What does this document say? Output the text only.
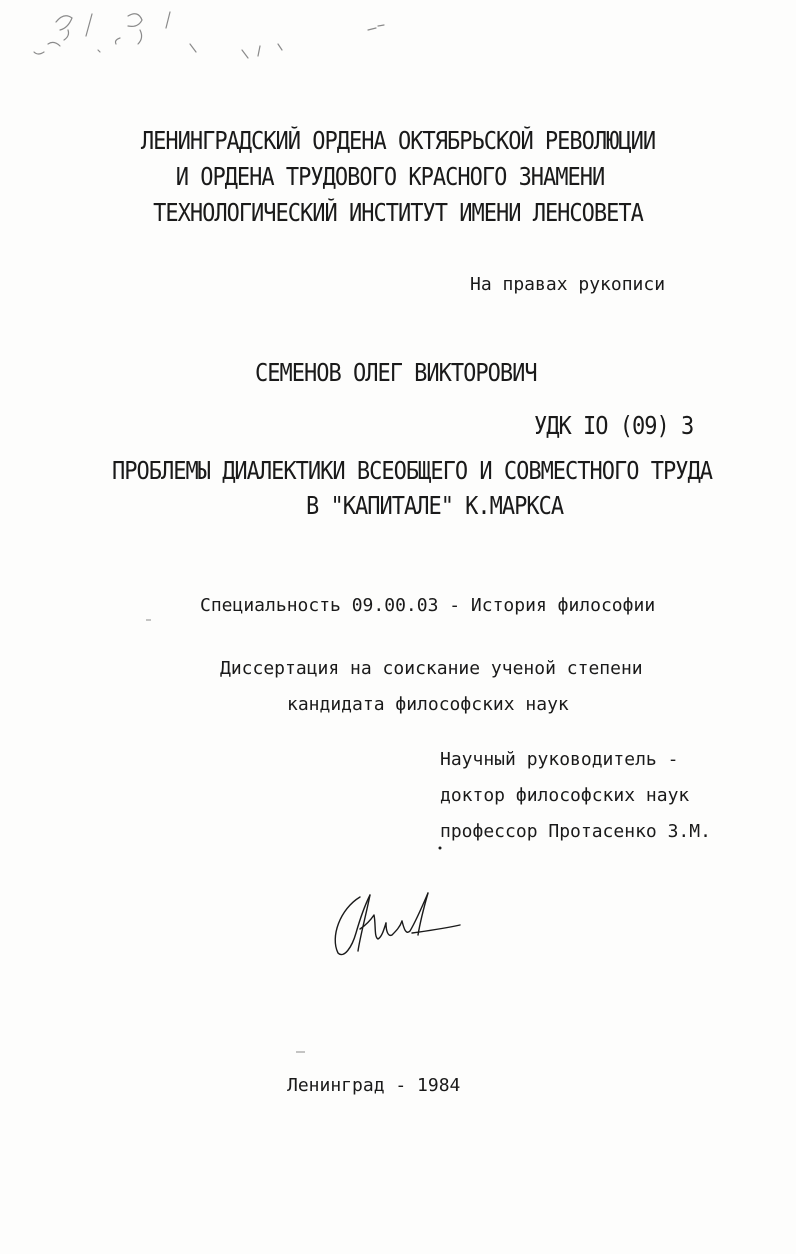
ЛЕНИНГРАДСКИЙ ОРДЕНА ОКТЯБРЬСКОЙ РЕВОЛЮЦИИ
И ОРДЕНА ТРУДОВОГО КРАСНОГО ЗНАМЕНИ
ТЕХНОЛОГИЧЕСКИЙ ИНСТИТУТ ИМЕНИ ЛЕНСОВЕТА
На правах рукописи
СЕМЕНОВ ОЛЕГ ВИКТОРОВИЧ
УДК IO (09) 3
ПРОБЛЕМЫ ДИАЛЕКТИКИ ВСЕОБЩЕГО И СОВМЕСТНОГО ТРУДА
В "КАПИТАЛЕ" К.МАРКСА
Специальность 09.00.03 - История философии
Диссертация на соискание ученой степени
кандидата философских наук
Научный руководитель -
доктор философских наук
профессор Протасенко З.М.
Ленинград - 1984
